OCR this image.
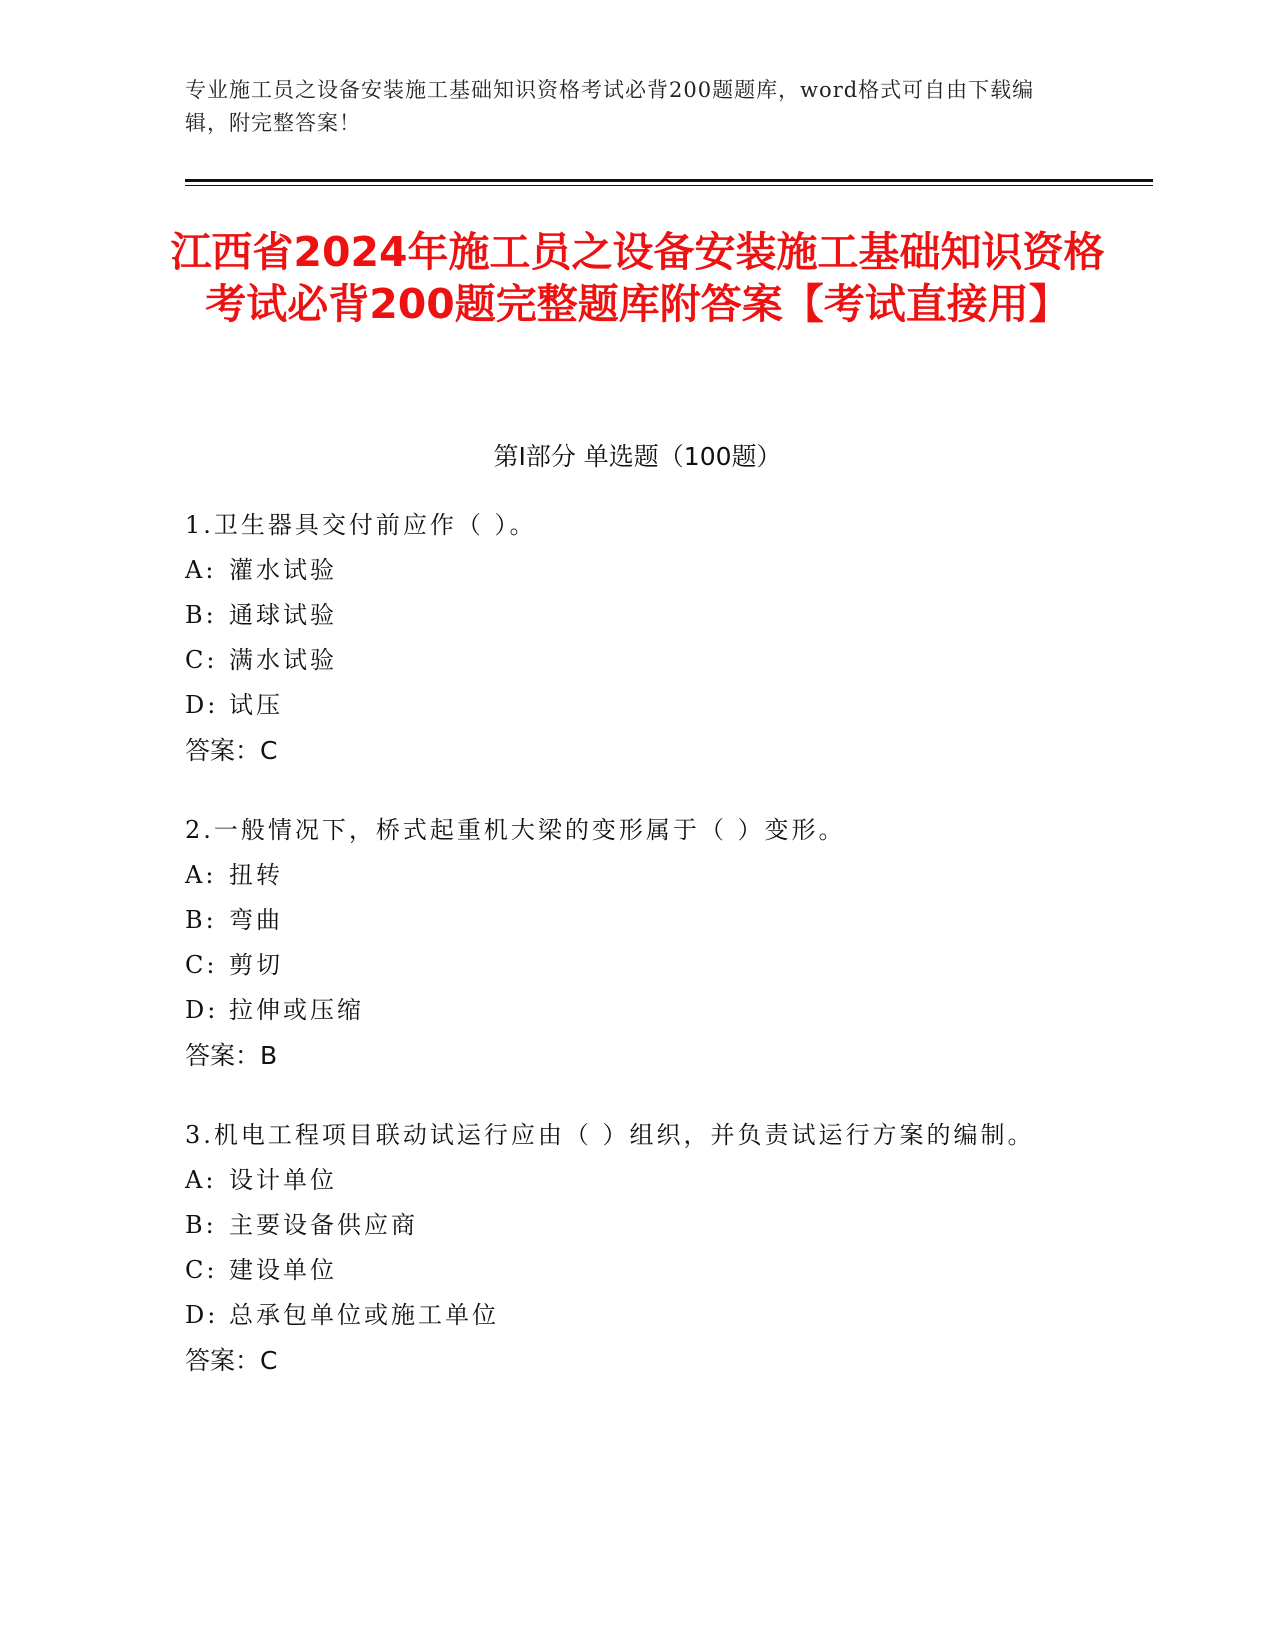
专业施工员之设备安装施工基础知识资格考试必背200题题库，word格式可自由下载编辑，附完整答案！
江西省2024年施工员之设备安装施工基础知识资格考试必背200题完整题库附答案【考试直接用】
第Ⅰ部分 单选题（100题）

1.卫生器具交付前应作（ ）。

A: 灌水试验

B: 通球试验

C: 满水试验

D: 试压

答案：C

2.一般情况下，桥式起重机大梁的变形属于（ ）变形。

A: 扭转

B: 弯曲

C: 剪切

D: 拉伸或压缩

答案：B

3.机电工程项目联动试运行应由（ ）组织，并负责试运行方案的编制。

A: 设计单位

B: 主要设备供应商

C: 建设单位

D: 总承包单位或施工单位

答案：C
